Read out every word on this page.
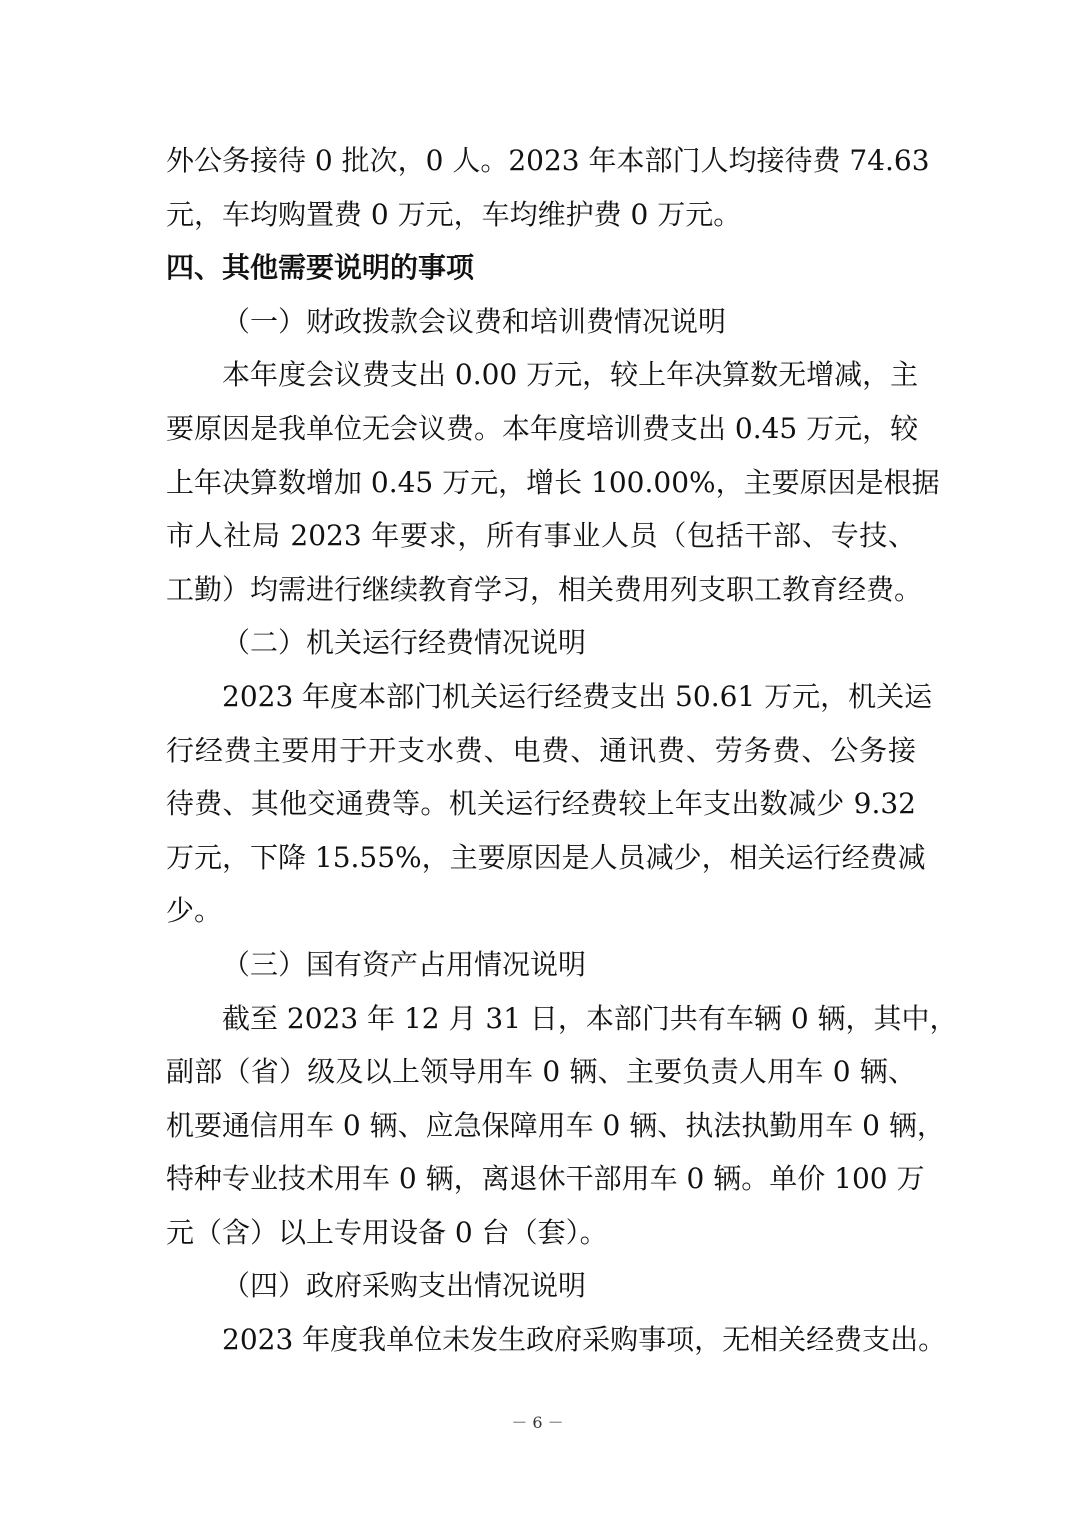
外公务接待 0 批次，0 人。2023 年本部门人均接待费 74.63
元，车均购置费 0 万元，车均维护费 0 万元。
四、其他需要说明的事项
（一）财政拨款会议费和培训费情况说明
本年度会议费支出 0.00 万元，较上年决算数无增减，主
要原因是我单位无会议费。本年度培训费支出 0.45 万元，较
上年决算数增加 0.45 万元，增长 100.00%，主要原因是根据
市人社局 2023 年要求，所有事业人员（包括干部、专技、
工勤）均需进行继续教育学习，相关费用列支职工教育经费。
（二）机关运行经费情况说明
2023 年度本部门机关运行经费支出 50.61 万元，机关运
行经费主要用于开支水费、电费、通讯费、劳务费、公务接
待费、其他交通费等。机关运行经费较上年支出数减少 9.32
万元，下降 15.55%，主要原因是人员减少，相关运行经费减
少。
（三）国有资产占用情况说明
截至 2023 年 12 月 31 日，本部门共有车辆 0 辆，其中，
副部（省）级及以上领导用车 0 辆、主要负责人用车 0 辆、
机要通信用车 0 辆、应急保障用车 0 辆、执法执勤用车 0 辆，
特种专业技术用车 0 辆，离退休干部用车 0 辆。单价 100 万
元（含）以上专用设备 0 台（套）。
（四）政府采购支出情况说明
2023 年度我单位未发生政府采购事项，无相关经费支出。
－ 6 －
